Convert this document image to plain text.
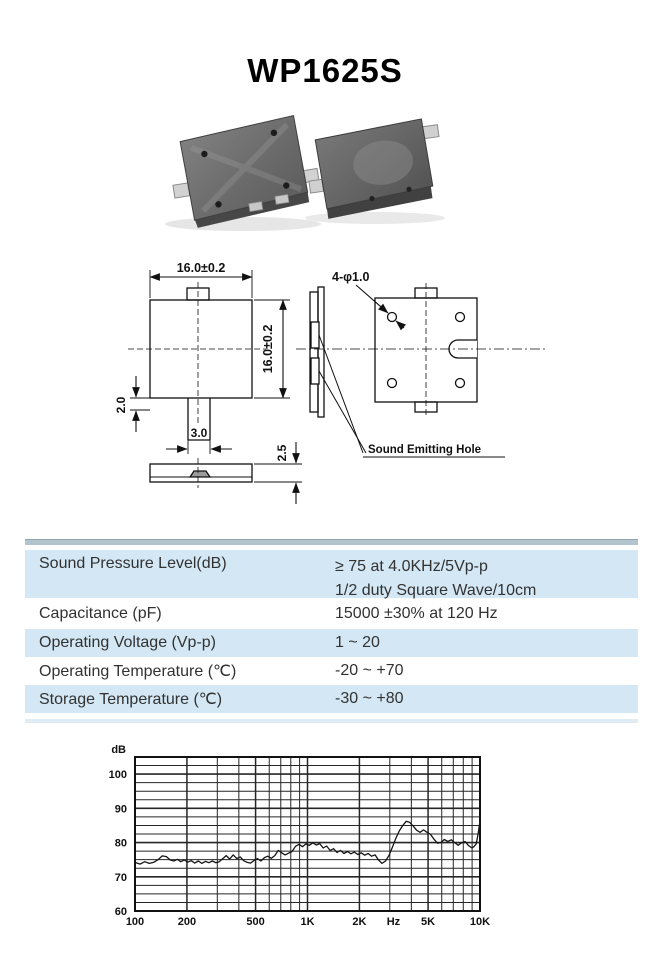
WP1625S
16.0±0.2
16.0±0.2
2.0
3.0
2.5
4-φ1.0
Sound Emitting Hole
Sound Pressure Level(dB)	≥ 75 at 4.0KHz/5Vp-p
1/2 duty Square Wave/10cm
Capacitance (pF)	15000 ±30% at 120 Hz
Operating Voltage (Vp-p)	1 ~ 20
Operating Temperature (℃)	-20 ~ +70
Storage Temperature (℃)	-30 ~ +80
100
90
80
70
60
dB
100	200	500	1K	2K Hz 5K	10K
